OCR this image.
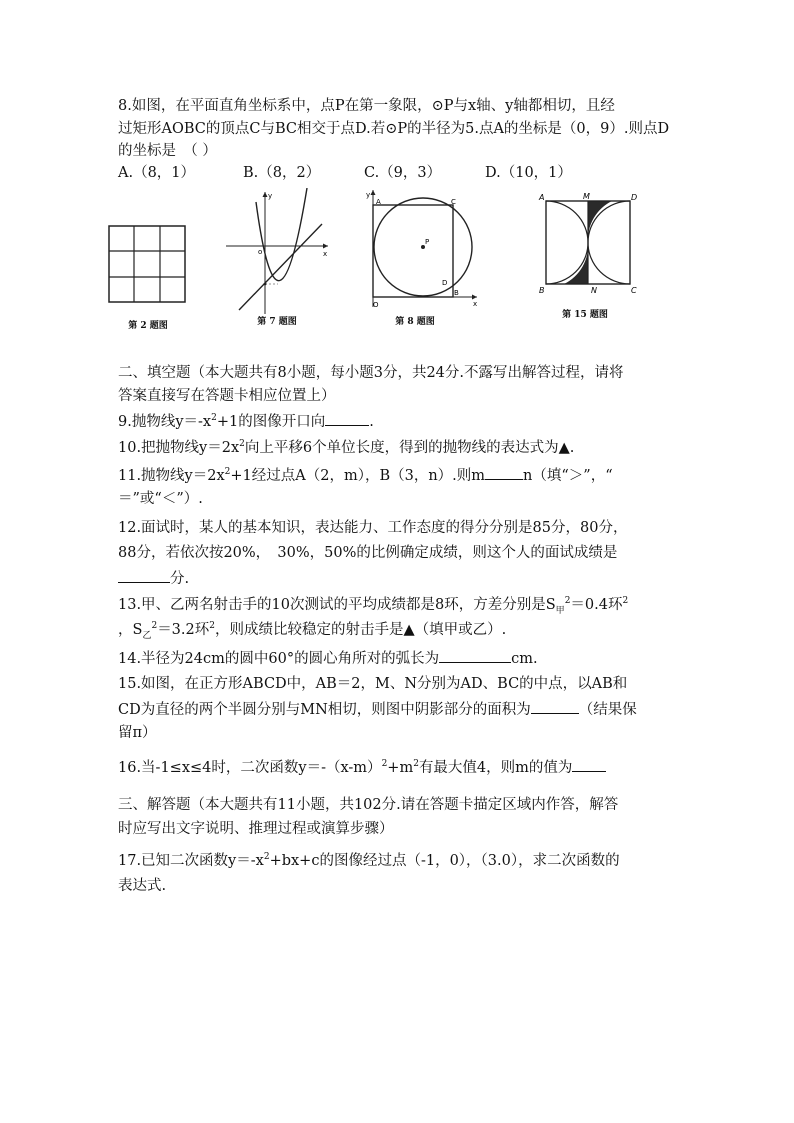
8.如图，在平面直角坐标系中，点P在第一象限，⊙P与x轴、y轴都相切，且经
过矩形AOBC的顶点C与BC相交于点D.若⊙P的半径为5.点A的坐标是（0，9）.则点D
的坐标是　（ ）
A.（8，1）	B.（8，2）	C.（9，3）	D.（10，1）
第 2 题图
x
y
o
第 7 题图
y
x
A	C
P
O
D
B
第 8 题图
A	M	D
B	N	C
第 15 题图
二、填空题（本大题共有8小题，每小题3分，共24分.不露写出解答过程，请将
答案直接写在答题卡相应位置上）
9.抛物线$y=-x^2+1$的图像开口向	.
10.把抛物线$y=2x^2$向上平移6个单位长度，得到的抛物线的表达式为▲.
11.抛物线$y=2x^2+1$经过点A（2，m），B（3，n）.则m	n（填“＞”，“
＝”或“＜”）.
12.面试时，某人的基本知识，表达能力、工作态度的得分分别是85分，80分，
88分，若依次按20%，　30%，50%的比例确定成绩，则这个人的面试成绩是
分.
13.甲、乙两名射击手的10次测试的平均成绩都是8环，方差分别是$S_甲^2=0.4$环$^2$
，$S_乙^2=3.2$环$^2$，则成绩比较稳定的射击手是▲（填甲或乙）.
14.半径为24cm的圆中60°的圆心角所对的弧长为	cm.
15.如图，在正方形ABCD中，AB＝2，M、N分别为AD、BC的中点，以AB和
CD为直径的两个半圆分别与MN相切，则图中阴影部分的面积为	（结果保
留π）
16.当-1≤x≤4时，二次函数$y=-(x-m)^2+m^2$有最大值4，则m的值为
三、解答题（本大题共有11小题，共102分.请在答题卡描定区域内作答，解答
时应写出文字说明、推理过程或演算步骤）
17.已知二次函数$y=-x^2+bx+c$的图像经过点（-1，0），（3.0），求二次函数的
表达式.
